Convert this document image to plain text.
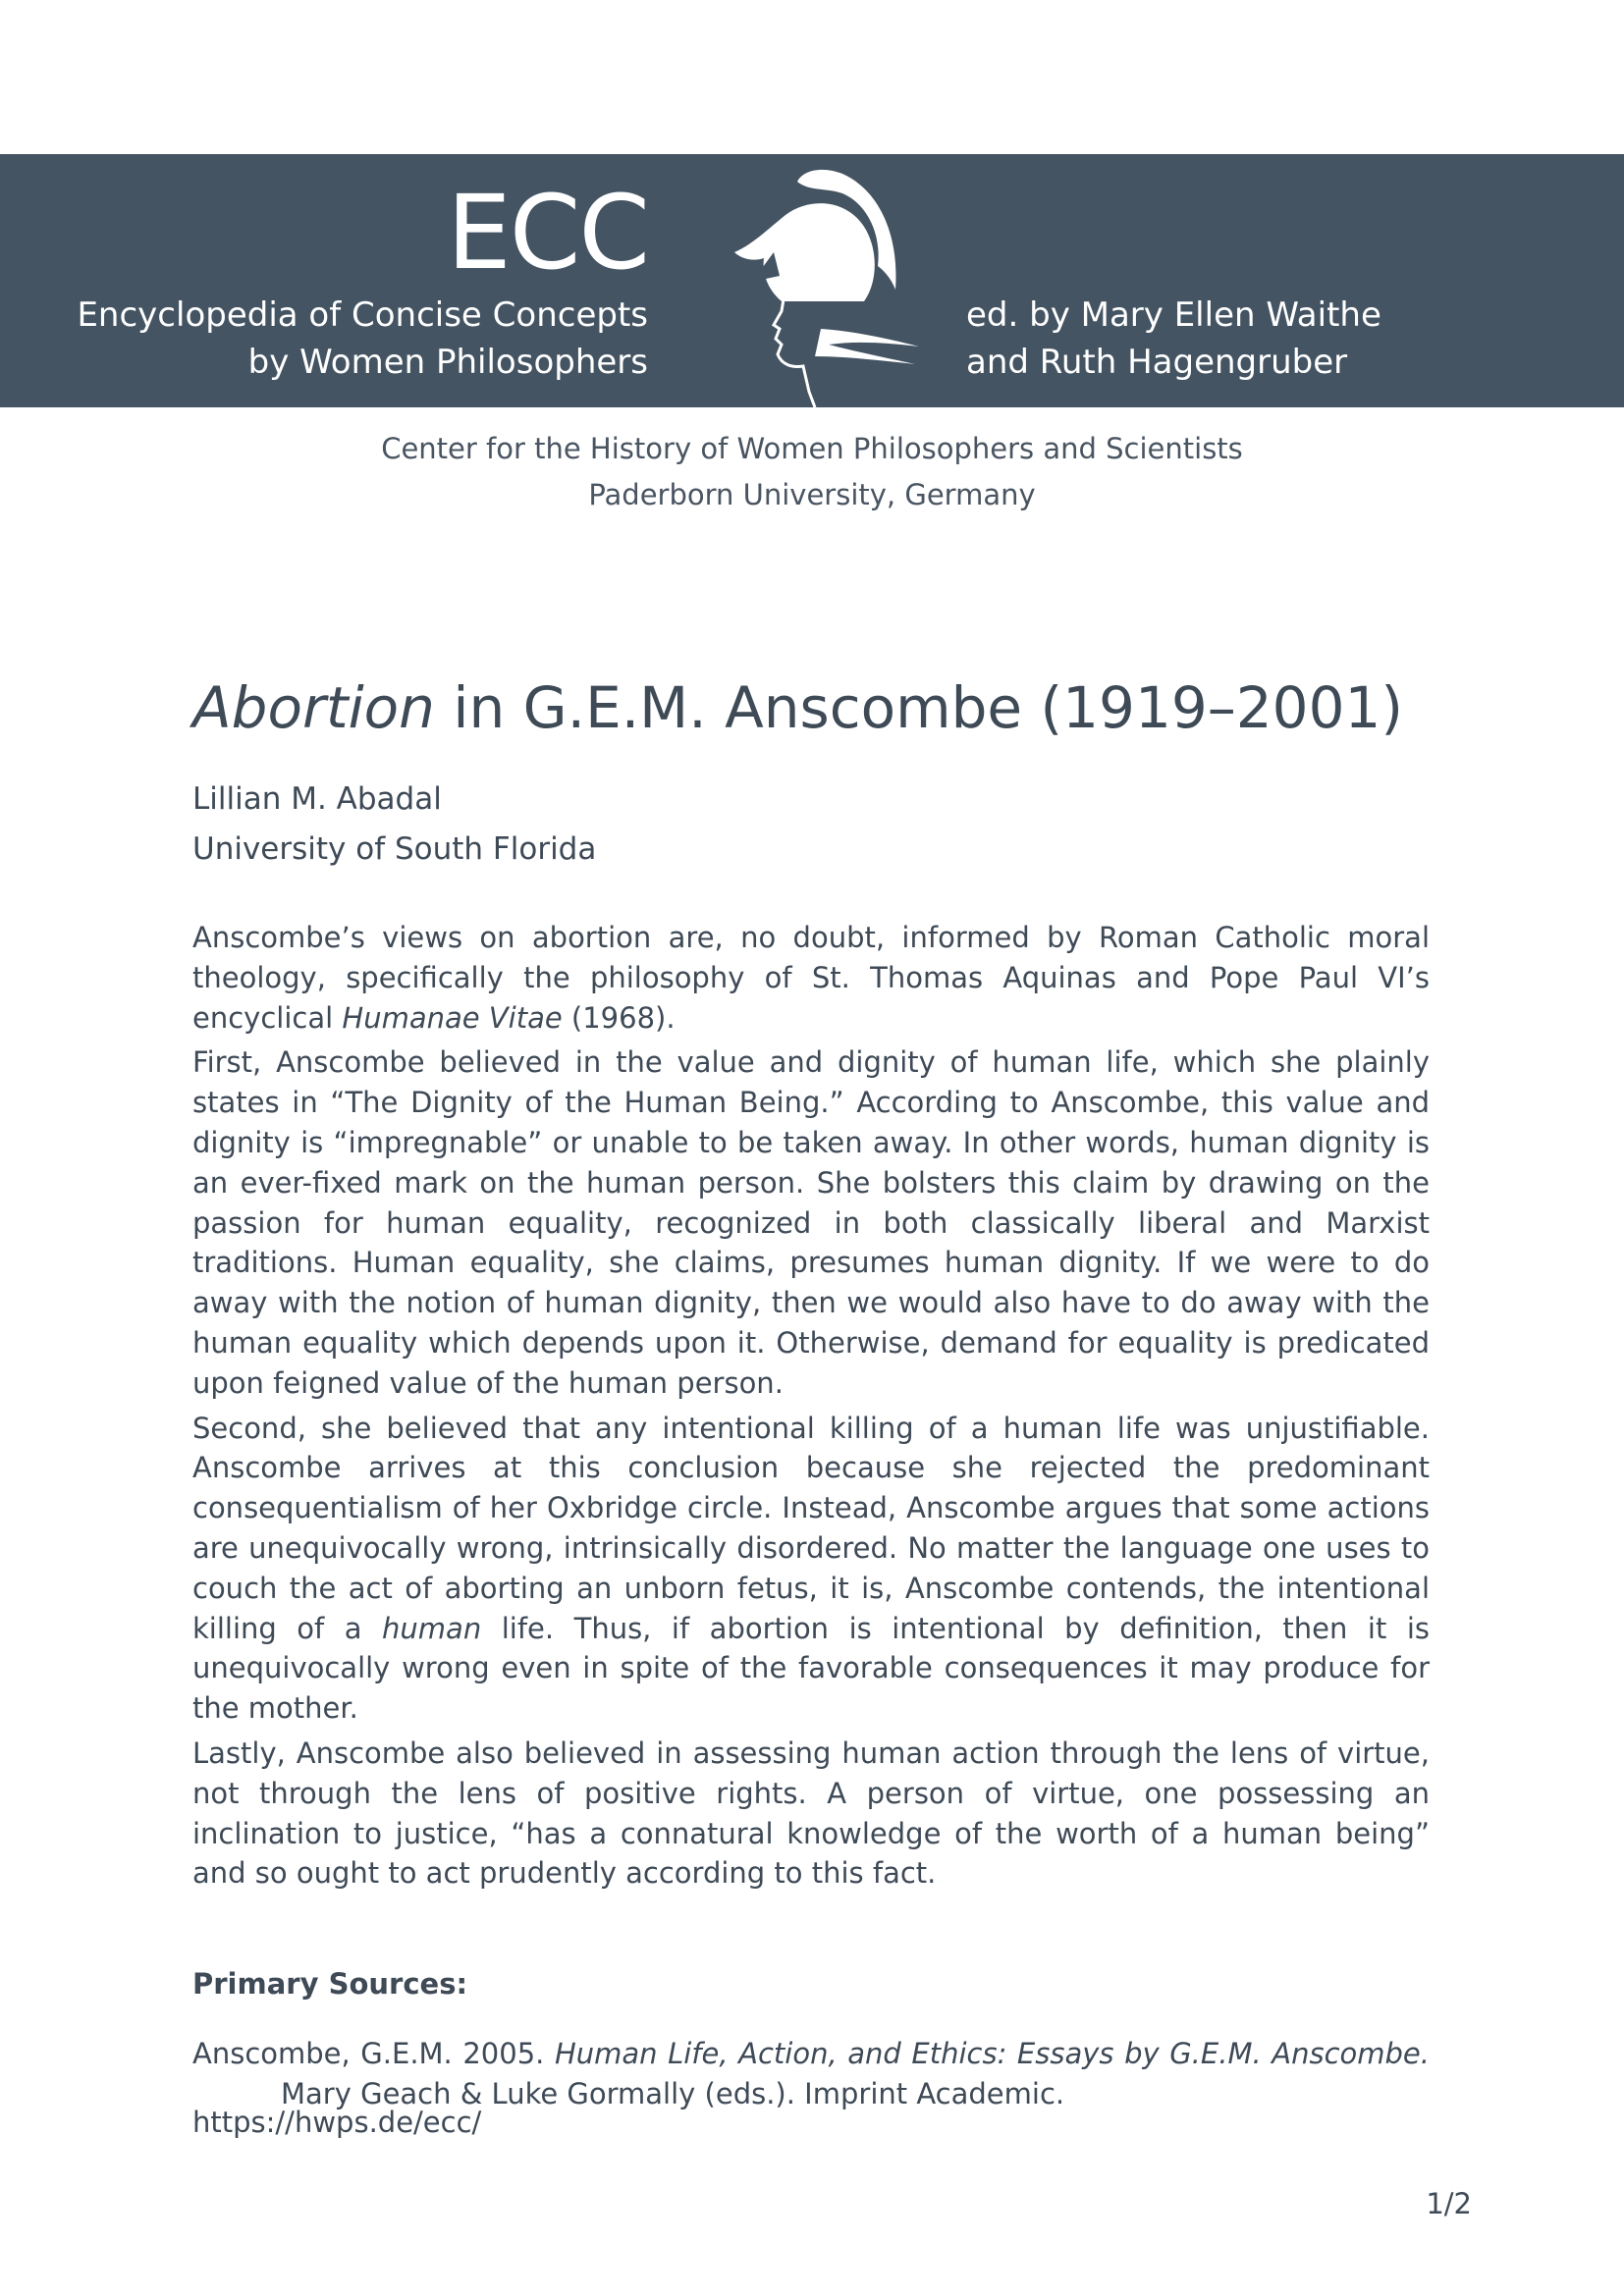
ECC
Encyclopedia of Concise Concepts
by Women Philosophers
ed. by Mary Ellen Waithe
and Ruth Hagengruber
Center for the History of Women Philosophers and Scientists
Paderborn University, Germany
Abortion in G.E.M. Anscombe (1919–2001)
Lillian M. Abadal
University of South Florida

Anscombe’s views on abortion are, no doubt, informed by Roman Catholic moral theology, specifically the philosophy of St. Thomas Aquinas and Pope Paul VI’s encyclical Humanae Vitae (1968).

First, Anscombe believed in the value and dignity of human life, which she plainly states in “The Dignity of the Human Being.” According to Anscombe, this value and dignity is “impregnable” or unable to be taken away. In other words, human dignity is an ever-fixed mark on the human person. She bolsters this claim by drawing on the passion for human equality, recognized in both classically liberal and Marxist traditions. Human equality, she claims, presumes human dignity. If we were to do away with the notion of human dignity, then we would also have to do away with the human equality which depends upon it. Otherwise, demand for equality is predicated upon feigned value of the human person.

Second, she believed that any intentional killing of a human life was unjustifiable. Anscombe arrives at this conclusion because she rejected the predominant consequentialism of her Oxbridge circle. Instead, Anscombe argues that some actions are unequivocally wrong, intrinsically disordered. No matter the language one uses to couch the act of aborting an unborn fetus, it is, Anscombe contends, the intentional killing of a human life. Thus, if abortion is intentional by definition, then it is unequivocally wrong even in spite of the favorable consequences it may produce for the mother.

Lastly, Anscombe also believed in assessing human action through the lens of virtue, not through the lens of positive rights. A person of virtue, one possessing an inclination to justice, “has a connatural knowledge of the worth of a human being” and so ought to act prudently according to this fact.

Primary Sources:

Anscombe, G.E.M. 2005. Human Life, Action, and Ethics: Essays by G.E.M. Anscombe. Mary Geach & Luke Gormally (eds.). Imprint Academic.

https://hwps.de/ecc/
1/2
